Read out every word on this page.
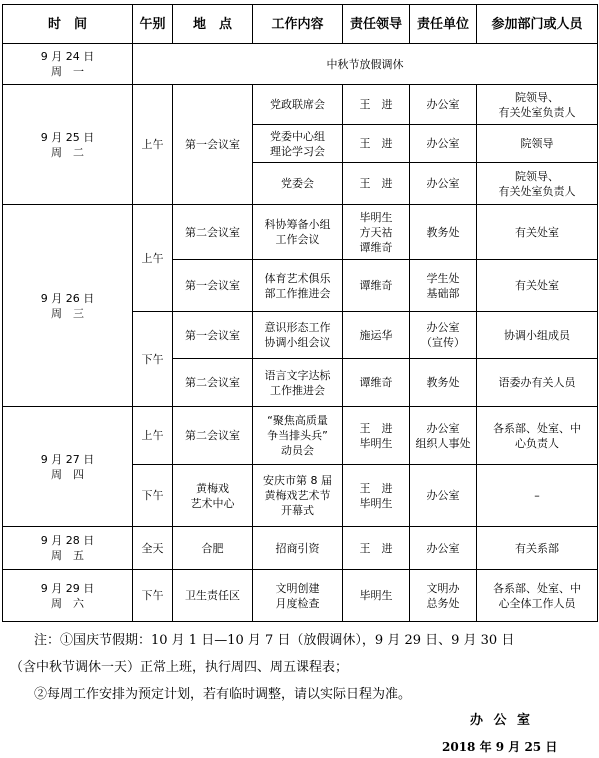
时　间	午别	地　点	工作内容	责任领导	责任单位	参加部门或人员

9 月 24 日
周　一	中秋节放假调休					

9 月 25 日
周　二	上午	第一会议室	党政联席会	王　进	办公室	院领导、
有关处室负责人

			党委中心组
理论学习会	王　进	办公室	院领导

			党委会	王　进	办公室	院领导、
有关处室负责人

9 月 26 日
周　三	上午	第二会议室	科协筹备小组
工作会议	毕明生
方天祜
谭维奇	教务处	有关处室

		第一会议室	体育艺术俱乐
部工作推进会	谭维奇	学生处
基础部	有关处室

	下午	第一会议室	意识形态工作
协调小组会议	施运华	办公室
（宣传）	协调小组成员

		第二会议室	语言文字达标
工作推进会	谭维奇	教务处	语委办有关人员

9 月 27 日
周　四	上午	第二会议室	“聚焦高质量
争当排头兵”
动员会	王　进
毕明生	办公室
组织人事处	各系部、处室、中
心负责人

	下午	黄梅戏
艺术中心	安庆市第 8 届
黄梅戏艺术节
开幕式	王　进
毕明生	办公室	–

9 月 28 日
周　五	全天	合肥	招商引资	王　进	办公室	有关系部

9 月 29 日
周　六	下午	卫生责任区	文明创建
月度检查	毕明生	文明办
总务处	各系部、处室、中
心全体工作人员
注：①国庆节假期：10 月 1 日—10 月 7 日（放假调休），9 月 29 日、9 月 30 日
（含中秋节调休一天）正常上班，执行周四、周五课程表；
②每周工作安排为预定计划，若有临时调整，请以实际日程为准。
办 公 室
2018 年 9 月 25 日
